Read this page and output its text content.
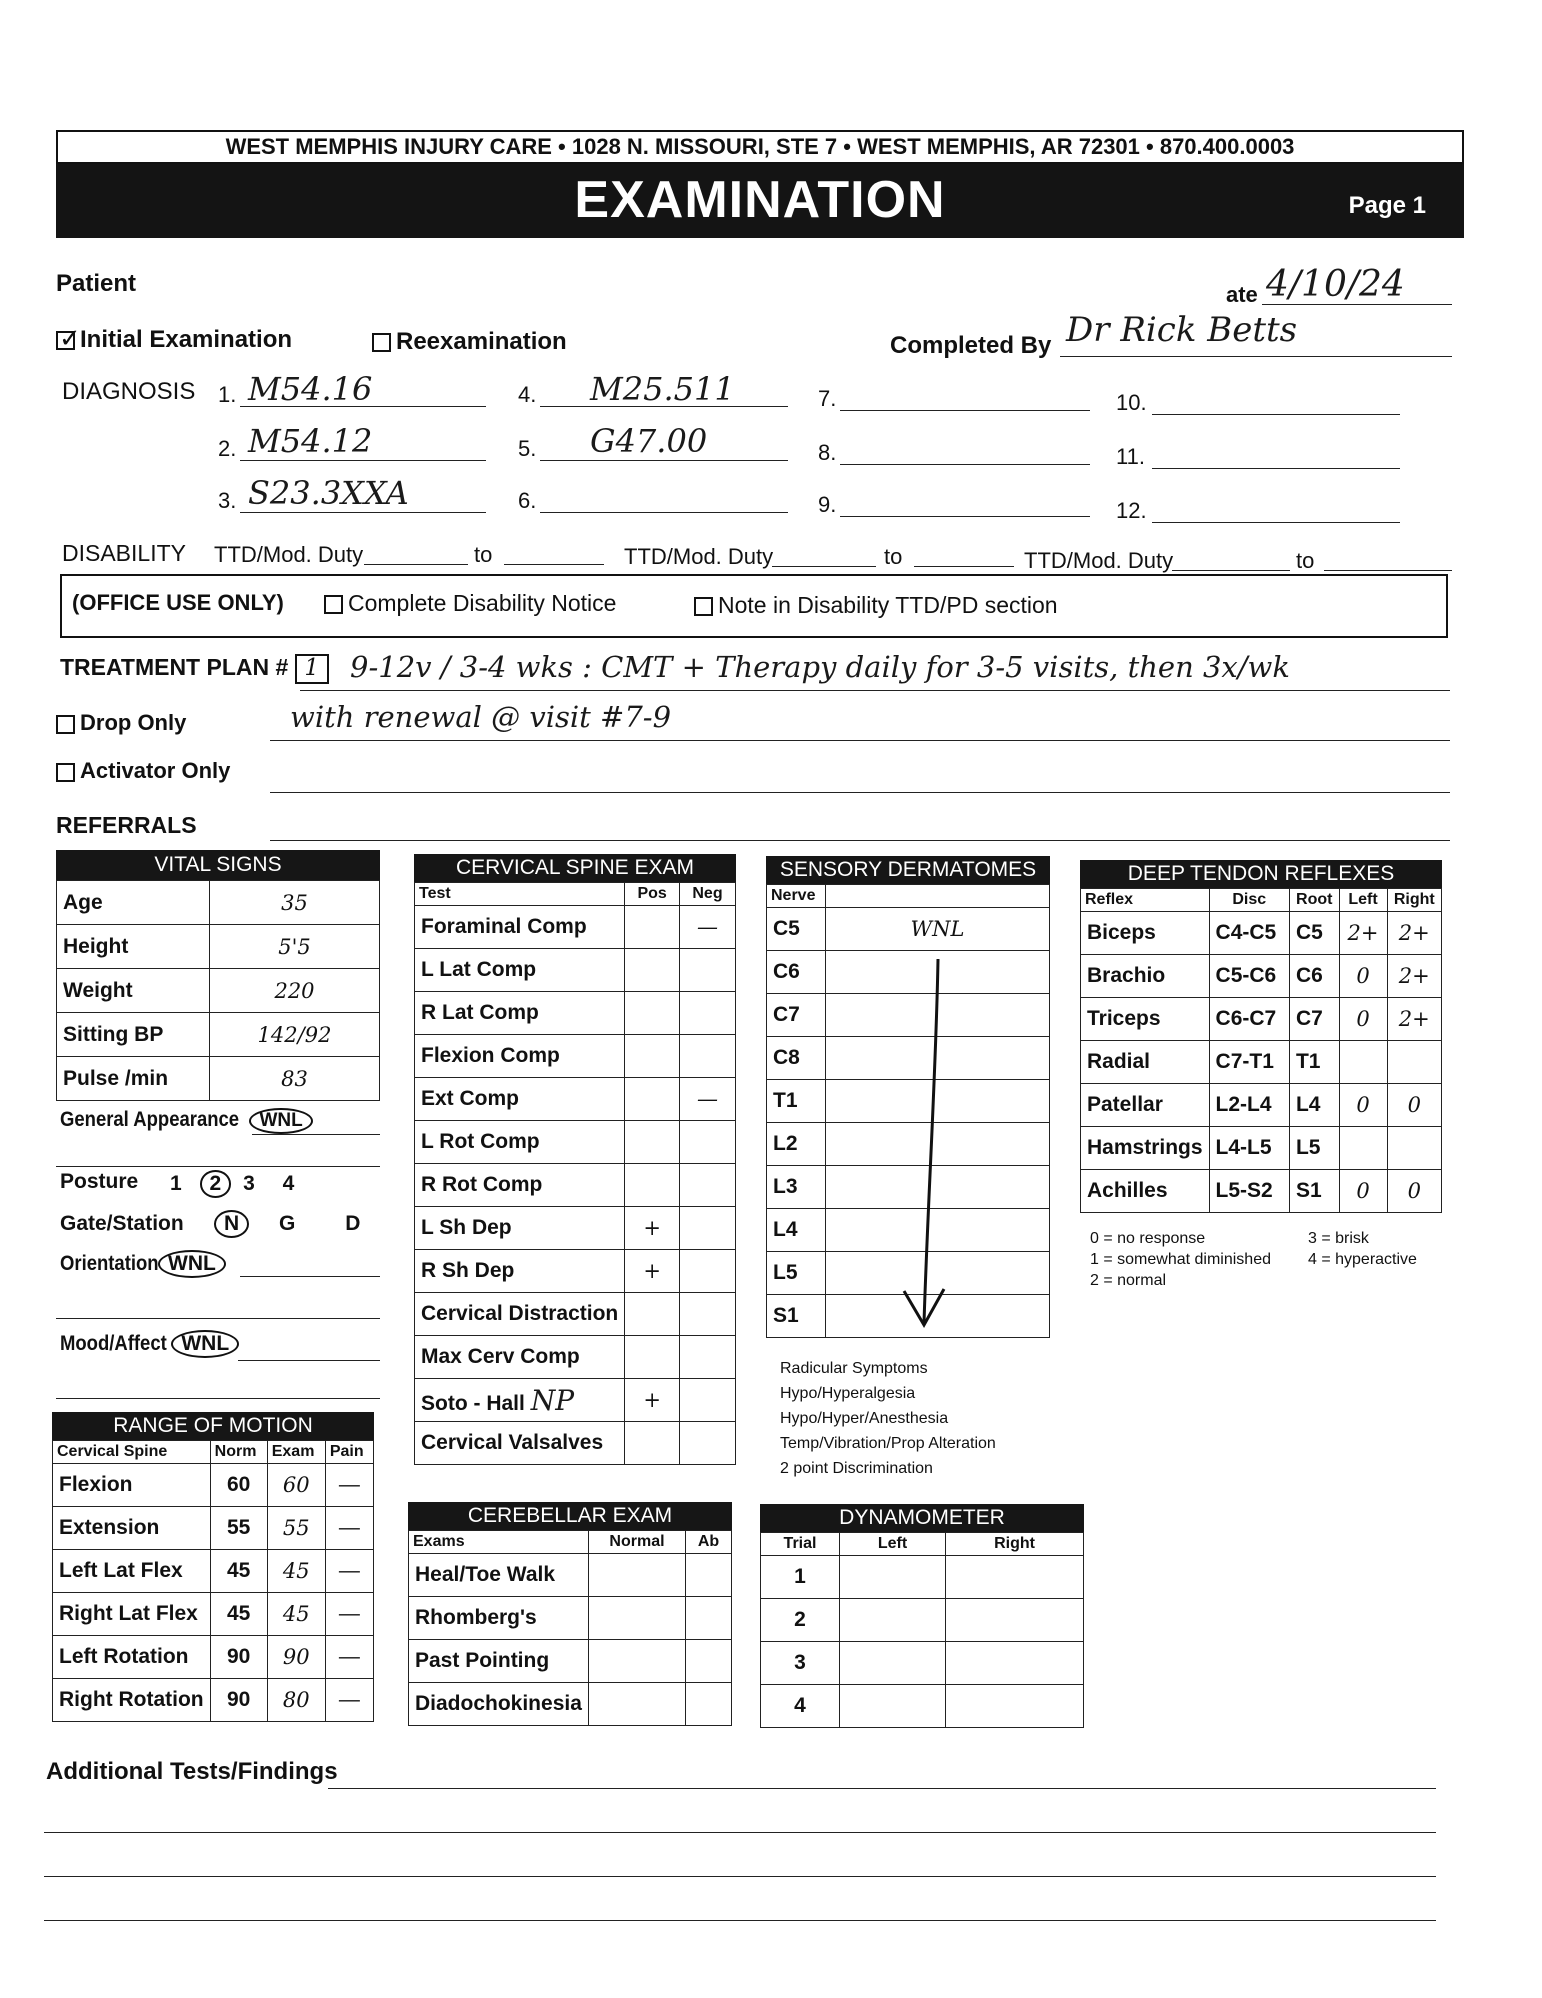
WEST MEMPHIS INJURY CARE • 1028 N. MISSOURI, STE 7 • WEST MEMPHIS, AR 72301 • 870.400.0003
EXAMINATION	Page 1
Patient	ate 4/10/24
✓ Initial Examination	Reexamination	Completed By Dr Rick Betts
DIAGNOSIS 1. M54.16
2. M54.12
3. S23.3XXA
4. M25.511
5. G47.00
6.
7.
8.
9.
10.
11.
12.
DISABILITY TTD/Mod. Duty	to	TTD/Mod. Duty	to	TTD/Mod. Duty	to
(OFFICE USE ONLY)	Complete Disability Notice	Note in Disability TTD/PD section
TREATMENT PLAN # 1	9-12v / 3-4 wks : CMT + Therapy daily for 3-5 visits, then 3x/wk
Drop Only	with renewal @ visit #7-9
Activator Only
REFERRALS
VITAL SIGNS
Age	35
Height	5'5
Weight	220
Sitting BP	142/92
Pulse /min	83
General Appearance WNL
Posture 1 2 3 4
Gate/Station	N G D
Orientation WNL
Mood/Affect WNL
RANGE OF MOTION
Cervical Spine	Norm	Exam	Pain
Flexion	60	60	—
Extension	55	55	—
Left Lat Flex	45	45	—
Right Lat Flex	45	45	—
Left Rotation	90	90	—
Right Rotation	90	80	—
CERVICAL SPINE EXAM
Test	Pos	Neg
Foraminal Comp		—
L Lat Comp		
R Lat Comp		
Flexion Comp		
Ext Comp		—
L Rot Comp		
R Rot Comp		
L Sh Dep	+	
R Sh Dep	+	
Cervical Distraction		
Max Cerv Comp		
Soto - Hall NP	+	
Cervical Valsalves		
SENSORY DERMATOMES
Nerve	
C5	WNL
C6	
C7	
C8	
T1	
L2	
L3	
L4	
L5	
S1	
Radicular Symptoms
Hypo/Hyperalgesia
Hypo/Hyper/Anesthesia
Temp/Vibration/Prop Alteration
2 point Discrimination
DEEP TENDON REFLEXES
Reflex	Disc	Root	Left	Right
Biceps	C4-C5	C5	2+	2+
Brachio	C5-C6	C6	0	2+
Triceps	C6-C7	C7	0	2+
Radial	C7-T1	T1		
Patellar	L2-L4	L4	0	0
Hamstrings	L4-L5	L5		
Achilles	L5-S2	S1	0	0
0 = no response
1 = somewhat diminished
2 = normal
3 = brisk
4 = hyperactive
CEREBELLAR EXAM
Exams	Normal	Ab
Heal/Toe Walk		
Rhomberg's		
Past Pointing		
Diadochokinesia		
DYNAMOMETER
Trial	Left	Right
1		
2		
3		
4		
Additional Tests/Findings
